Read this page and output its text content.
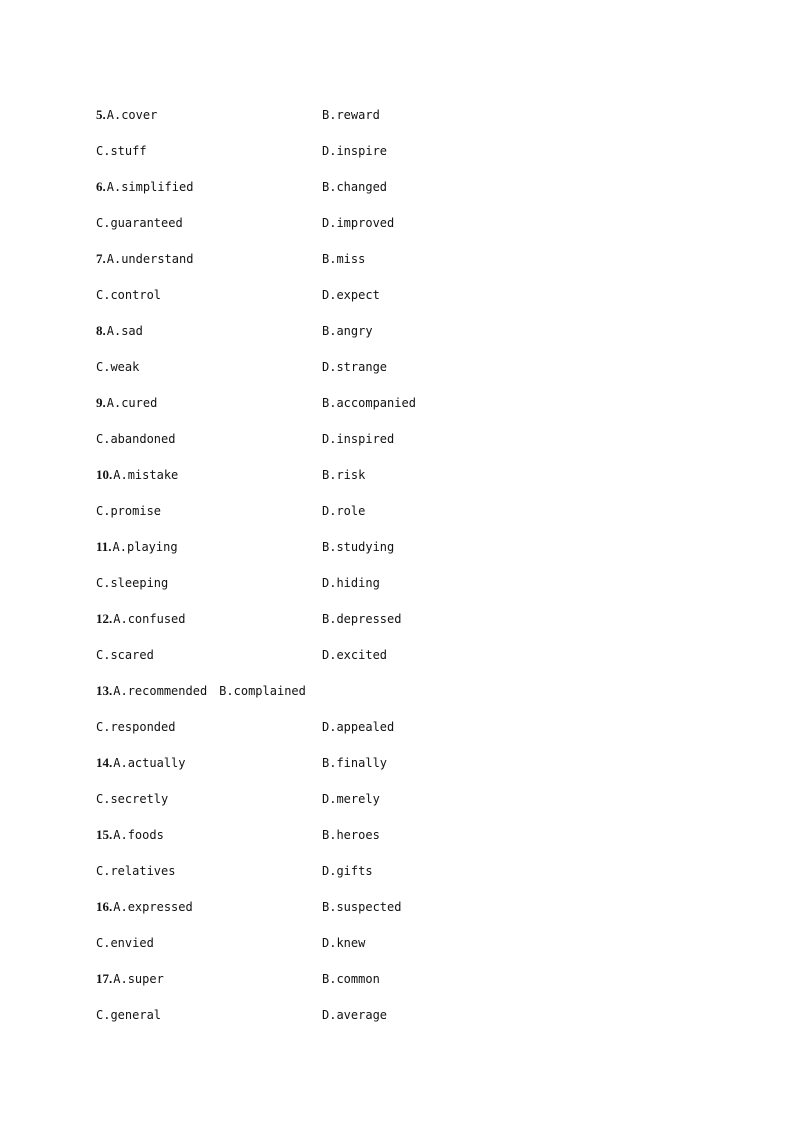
5.A.cover	B.reward
C.stuff	D.inspire
6.A.simplified	B.changed
C.guaranteed	D.improved
7.A.understand	B.miss
C.control	D.expect
8.A.sad	B.angry
C.weak	D.strange
9.A.cured	B.accompanied
C.abandoned	D.inspired
10.A.mistake	B.risk
C.promise	D.role
11.A.playing	B.studying
C.sleeping	D.hiding
12.A.confused	B.depressed
C.scared	D.excited
13.A.recommended B.complained
C.responded	D.appealed
14.A.actually	B.finally
C.secretly	D.merely
15.A.foods	B.heroes
C.relatives	D.gifts
16.A.expressed	B.suspected
C.envied	D.knew
17.A.super	B.common
C.general	D.average
